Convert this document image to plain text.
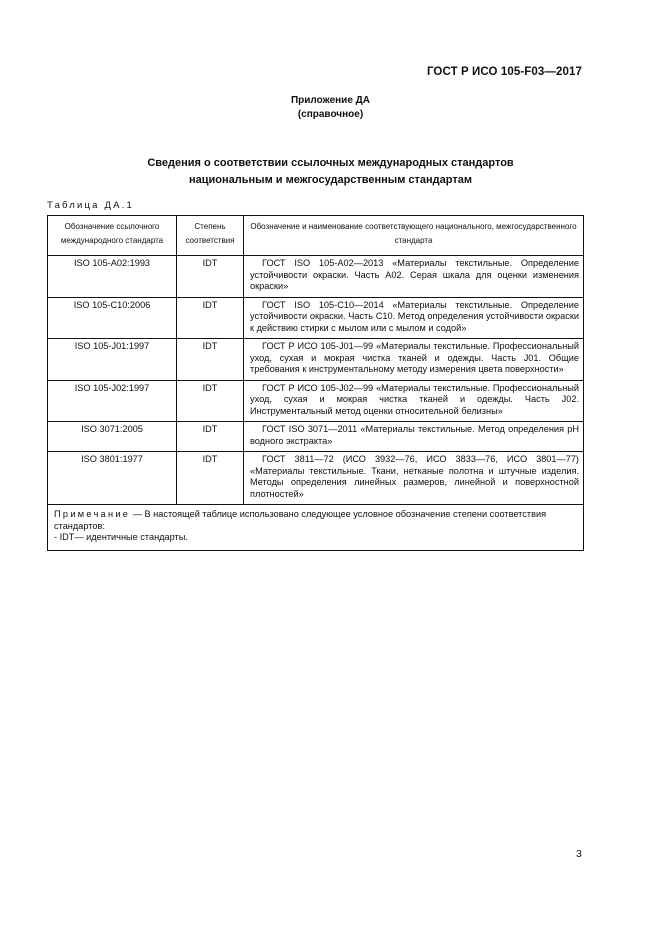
ГОСТ Р ИСО 105-F03—2017
Приложение ДА
(справочное)
Сведения о соответствии ссылочных международных стандартов
национальным и межгосударственным стандартам
Таблица ДА.1
Обозначение ссылочного международного стандарта	Степень соответствия	Обозначение и наименование соответствующего национального, межгосударственного стандарта
ISO 105-A02:1993	IDT	ГОСТ ISO 105-А02—2013 «Материалы текстильные. Определение устойчивости окраски. Часть А02. Серая шкала для оценки изменения окраски»
ISO 105-C10:2006	IDT	ГОСТ ISO 105-С10—2014 «Материалы текстильные. Определение устойчивости окраски. Часть С10. Метод определения устойчивости окраски к действию стирки с мылом или с мылом и содой»
ISO 105-J01:1997	IDT	ГОСТ Р ИСО 105-J01—99 «Материалы текстильные. Профессиональный уход, сухая и мокрая чистка тканей и одежды. Часть J01. Общие требования к инструментальному методу измерения цвета поверхности»
ISO 105-J02:1997	IDT	ГОСТ Р ИСО 105-J02—99 «Материалы текстильные. Профессиональный уход, сухая и мокрая чистка тканей и одежды. Часть J02. Инструментальный метод оценки относительной белизны»
ISO 3071:2005	IDT	ГОСТ ISO 3071—2011 «Материалы текстильные. Метод определения pH водного экстракта»
ISO 3801:1977	IDT	ГОСТ 3811—72 (ИСО 3932—76, ИСО 3833—76, ИСО 3801—77) «Материалы текстильные. Ткани, нетканые полотна и штучные изделия. Методы определения линейных размеров, линейной и поверхностной плотностей»
Примечание — В настоящей таблице использовано следующее условное обозначение степени соответствия стандартов:
- IDT— идентичные стандарты.		
3
